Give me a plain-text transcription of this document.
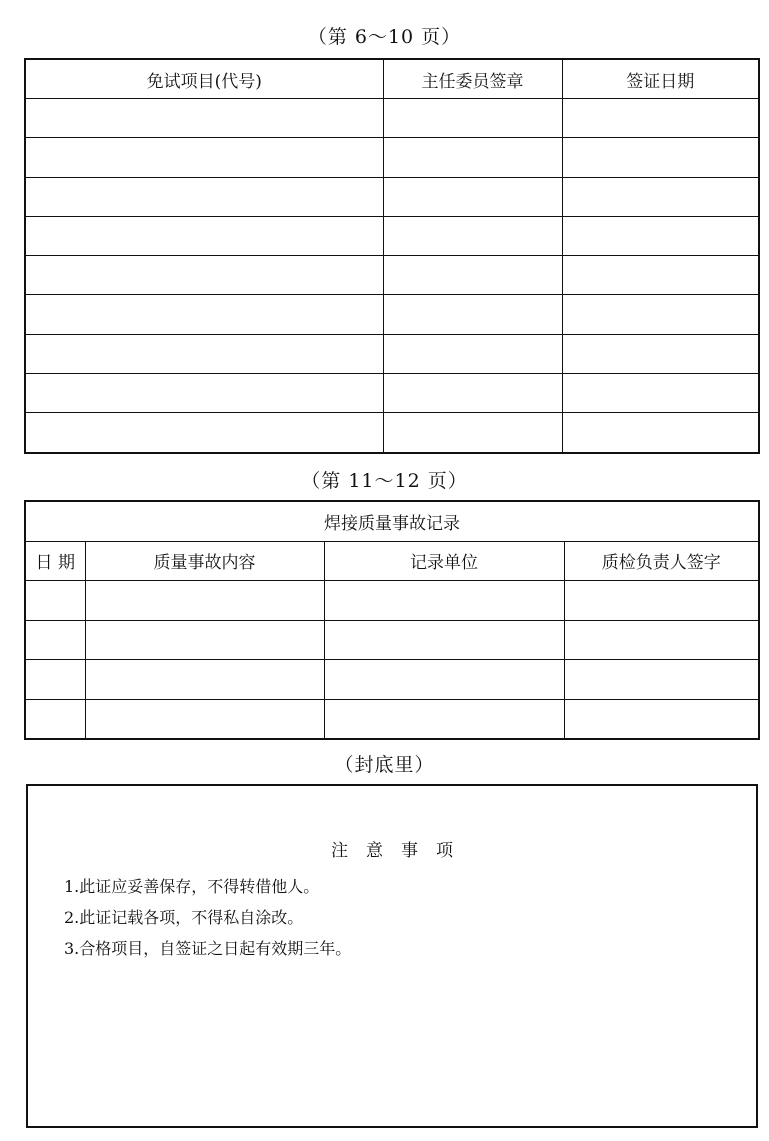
（第 6～10 页）
免试项目(代号)	主任委员签章	签证日期

（第 11～12 页）
焊接质量事故记录			
日 期	质量事故内容	记录单位	质检负责人签字

（封底里）
注 意 事 项
1.此证应妥善保存，不得转借他人。
2.此证记载各项，不得私自涂改。
3.合格项目，自签证之日起有效期三年。
